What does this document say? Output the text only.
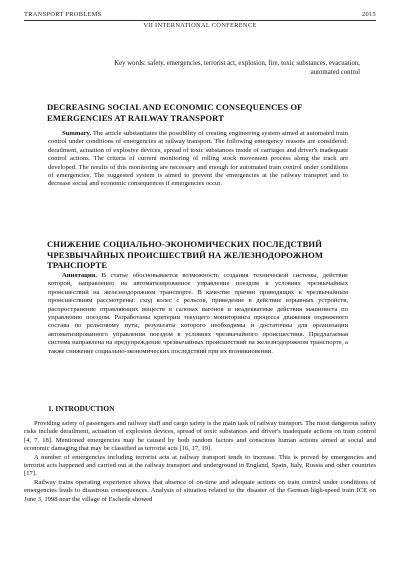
TRANSPORT PROBLEMS	2015
VII INTERNATIONAL CONFERENCE
Key words: safety, emergencies, terrorist act, explosion, fire, toxic substances, evacuation,
automated control
DECREASING SOCIAL AND ECONOMIC CONSEQUENCES OF EMERGENCIES AT RAILWAY TRANSPORT
Summary. The article substantiates the possibility of creating engineering system aimed at automated train control under conditions of emergencies at railway transport. The following emergency reasons are considered: derailment, actuation of explosive devices, spread of toxic substances inside of carriages and driver's inadequate control actions. The criteria of current monitoring of rolling stock movement process along the track are developed. The results of this monitoring are necessary and enough for automated train control under conditions of emergencies. The suggested system is aimed to prevent the emergencies at the railway transport and to decrease social and economic consequences if emergencies occur.
СНИЖЕНИЕ СОЦИАЛЬНО-ЭКОНОМИЧЕСКИХ ПОСЛЕДСТВИЙ ЧРЕЗВЫЧАЙНЫХ ПРОИСШЕСТВИЙ НА ЖЕЛЕЗНОДОРОЖНОМ ТРАНСПОРТЕ
Аннотация. В статье обосновывается возможность создания технической системы, действие которой, направленно на автоматизированное управление поездом в условиях чрезвычайных происшествий на железнодорожном транспорте. В качестве причин приводящих к чрезвычайным происшествиям рассмотрены: сход колес с рельсов, приведение в действие взрывных устройств, распространение отравляющих веществ в салонах вагонов и неадекватные действия машиниста по управлению поездом. Разработаны критерии текущего мониторинга процесса движения подвижного состава по рельсовому пути, результаты которого необходимы и достаточны для организации автоматизированного управления поездом в условиях чрезвычайного происшествия. Предлагаемая система направлена на предупреждение чрезвычайных происшествий на железнодорожном транспорте, а также снижение социально-экономических последствий при их возникновении.
1. INTRODUCTION

Providing safety of passengers and railway staff and cargo safety is the main task of railway transport. The most dangerous safety risks include derailment, actuation of explosion devices, spread of toxic substances and driver's inadequate actions on train control [4, 7, 18]. Mentioned emergencies may be caused by both random factors and conscious human actions aimed at social and economic damaging that may be classified as terrorist acts [16, 17, 19].

A number of emergencies including terrorist acts at railway transport tends to increase. This is proved by emergencies and terrorist acts happened and carried out at the railway transport and underground in England, Spain, Italy, Russia and other countries [17].

Railway trains operating experience shows that absence of on-time and adequate actions on train control under conditions of emergencies leads to disastrous consequences. Analysis of situation related to the disaster of the German high-speed train ICE on June 3, 1998 near the village of Eschede showed
